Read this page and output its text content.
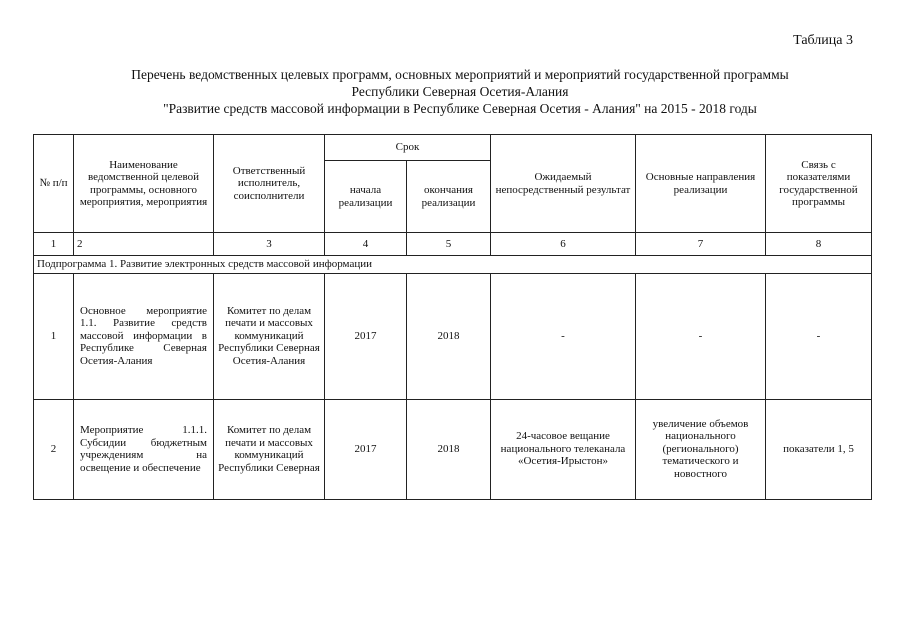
Таблица 3
Перечень ведомственных целевых программ, основных мероприятий и мероприятий государственной программы
Республики Северная Осетия-Алания
"Развитие средств массовой информации в Республике Северная Осетия - Алания" на 2015 - 2018 годы
№ п/п	Наименование ведомственной целевой программы, основного мероприятия, мероприятия	Ответственный исполнитель, соисполнители	Срок		Ожидаемый непосредственный результат	Основные направления реализации	Связь с показателями государственной программы
			начала реализации	окончания реализации			
1	2	3	4	5	6	7	8
Подпрограмма 1. Развитие электронных средств массовой информации							
1	Основное мероприятие 1.1. Развитие средств массовой информации в Республике Северная Осетия-Алания	Комитет по делам печати и массовых коммуникаций Республики Северная Осетия-Алания	2017	2018	-	-	-
2	Мероприятие 1.1.1. Субсидии бюджетным учреждениям на освещение и обеспечение	Комитет по делам печати и массовых коммуникаций Республики Северная	2017	2018	24-часовое вещание национального телеканала «Осетия-Ирыстон»	увеличение объемов национального (регионального) тематического и новостного	показатели 1, 5
